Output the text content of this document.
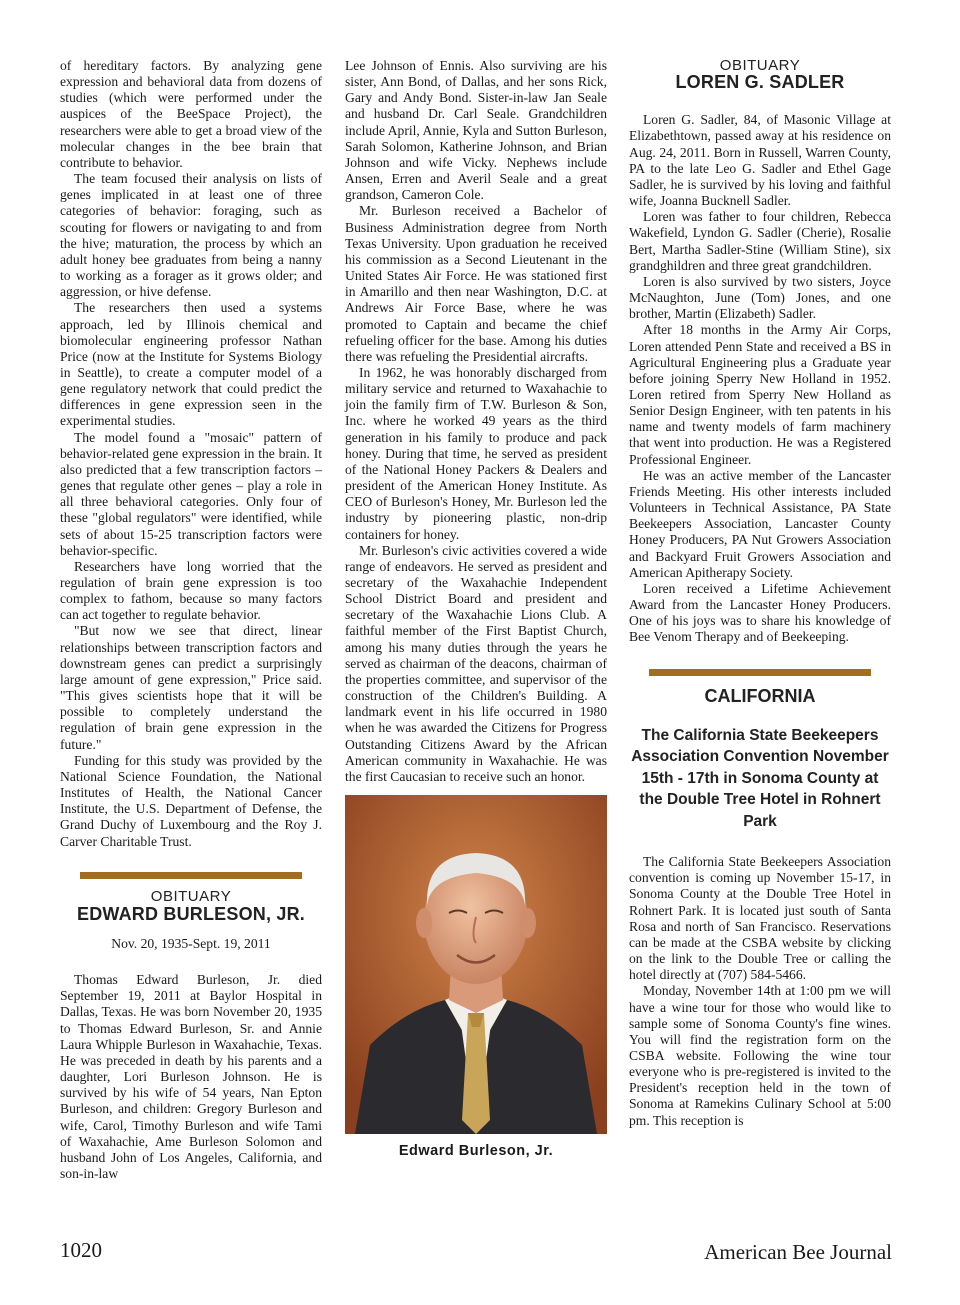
of hereditary factors. By analyzing gene expression and behavioral data from dozens of studies (which were performed under the auspices of the BeeSpace Project), the researchers were able to get a broad view of the molecular changes in the bee brain that contribute to behavior.

The team focused their analysis on lists of genes implicated in at least one of three categories of behavior: foraging, such as scouting for flowers or navigating to and from the hive; maturation, the process by which an adult honey bee graduates from being a nanny to working as a forager as it grows older; and aggression, or hive defense.

The researchers then used a systems approach, led by Illinois chemical and biomolecular engineering professor Nathan Price (now at the Institute for Systems Biology in Seattle), to create a computer model of a gene regulatory network that could predict the differences in gene expression seen in the experimental studies.

The model found a "mosaic" pattern of behavior-related gene expression in the brain. It also predicted that a few transcription factors – genes that regulate other genes – play a role in all three behavioral categories. Only four of these "global regulators" were identified, while sets of about 15-25 transcription factors were behavior-specific.

Researchers have long worried that the regulation of brain gene expression is too complex to fathom, because so many factors can act together to regulate behavior.

"But now we see that direct, linear relationships between transcription factors and downstream genes can predict a surprisingly large amount of gene expression," Price said. "This gives scientists hope that it will be possible to completely understand the regulation of brain gene expression in the future."

Funding for this study was provided by the National Science Foundation, the National Institutes of Health, the National Cancer Institute, the U.S. Department of Defense, the Grand Duchy of Luxembourg and the Roy J. Carver Charitable Trust.

OBITUARY
EDWARD BURLESON, JR.
Nov. 20, 1935-Sept. 19, 2011

Thomas Edward Burleson, Jr. died September 19, 2011 at Baylor Hospital in Dallas, Texas. He was born November 20, 1935 to Thomas Edward Burleson, Sr. and Annie Laura Whipple Burleson in Waxahachie, Texas. He was preceded in death by his parents and a daughter, Lori Burleson Johnson. He is survived by his wife of 54 years, Nan Epton Burleson, and children: Gregory Burleson and wife, Carol, Timothy Burleson and wife Tami of Waxahachie, Ame Burleson Solomon and husband John of Los Angeles, California, and son-in-law

Lee Johnson of Ennis. Also surviving are his sister, Ann Bond, of Dallas, and her sons Rick, Gary and Andy Bond. Sister-in-law Jan Seale and husband Dr. Carl Seale. Grandchildren include April, Annie, Kyla and Sutton Burleson, Sarah Solomon, Katherine Johnson, and Brian Johnson and wife Vicky. Nephews include Ansen, Erren and Averil Seale and a great grandson, Cameron Cole.

Mr. Burleson received a Bachelor of Business Administration degree from North Texas University. Upon graduation he received his commission as a Second Lieutenant in the United States Air Force. He was stationed first in Amarillo and then near Washington, D.C. at Andrews Air Force Base, where he was promoted to Captain and became the chief refueling officer for the base. Among his duties there was refueling the Presidential aircrafts.

In 1962, he was honorably discharged from military service and returned to Waxahachie to join the family firm of T.W. Burleson & Son, Inc. where he worked 49 years as the third generation in his family to produce and pack honey. During that time, he served as president of the National Honey Packers & Dealers and president of the American Honey Institute. As CEO of Burleson's Honey, Mr. Burleson led the industry by pioneering plastic, non-drip containers for honey.

Mr. Burleson's civic activities covered a wide range of endeavors. He served as president and secretary of the Waxahachie Independent School District Board and president and secretary of the Waxahachie Lions Club. A faithful member of the First Baptist Church, among his many duties through the years he served as chairman of the deacons, chairman of the properties committee, and supervisor of the construction of the Children's Building. A landmark event in his life occurred in 1980 when he was awarded the Citizens for Progress Outstanding Citizens Award by the African American community in Waxahachie. He was the first Caucasian to receive such an honor.

Edward Burleson, Jr.
OBITUARY
LOREN G. SADLER

Loren G. Sadler, 84, of Masonic Village at Elizabethtown, passed away at his residence on Aug. 24, 2011. Born in Russell, Warren County, PA to the late Leo G. Sadler and Ethel Gage Sadler, he is survived by his loving and faithful wife, Joanna Bucknell Sadler.

Loren was father to four children, Rebecca Wakefield, Lyndon G. Sadler (Cherie), Rosalie Bert, Martha Sadler-Stine (William Stine), six grandghildren and three great grandchildren.

Loren is also survived by two sisters, Joyce McNaughton, June (Tom) Jones, and one brother, Martin (Elizabeth) Sadler.

After 18 months in the Army Air Corps, Loren attended Penn State and received a BS in Agricultural Engineering plus a Graduate year before joining Sperry New Holland in 1952. Loren retired from Sperry New Holland as Senior Design Engineer, with ten patents in his name and twenty models of farm machinery that went into production. He was a Registered Professional Engineer.

He was an active member of the Lancaster Friends Meeting. His other interests included Volunteers in Technical Assistance, PA State Beekeepers Association, Lancaster County Honey Producers, PA Nut Growers Association and Backyard Fruit Growers Association and American Apitherapy Society.

Loren received a Lifetime Achievement Award from the Lancaster Honey Producers. One of his joys was to share his knowledge of Bee Venom Therapy and of Beekeeping.

CALIFORNIA
The California State Beekeepers Association Convention November 15th - 17th in Sonoma County at the Double Tree Hotel in Rohnert Park

The California State Beekeepers Association convention is coming up November 15-17, in Sonoma County at the Double Tree Hotel in Rohnert Park. It is located just south of Santa Rosa and north of San Francisco. Reservations can be made at the CSBA website by clicking on the link to the Double Tree or calling the hotel directly at (707) 584-5466.

Monday, November 14th at 1:00 pm we will have a wine tour for those who would like to sample some of Sonoma County's fine wines. You will find the registration form on the CSBA website. Following the wine tour everyone who is pre-registered is invited to the President's reception held in the town of Sonoma at Ramekins Culinary School at 5:00 pm. This reception is

1020	American Bee Journal
